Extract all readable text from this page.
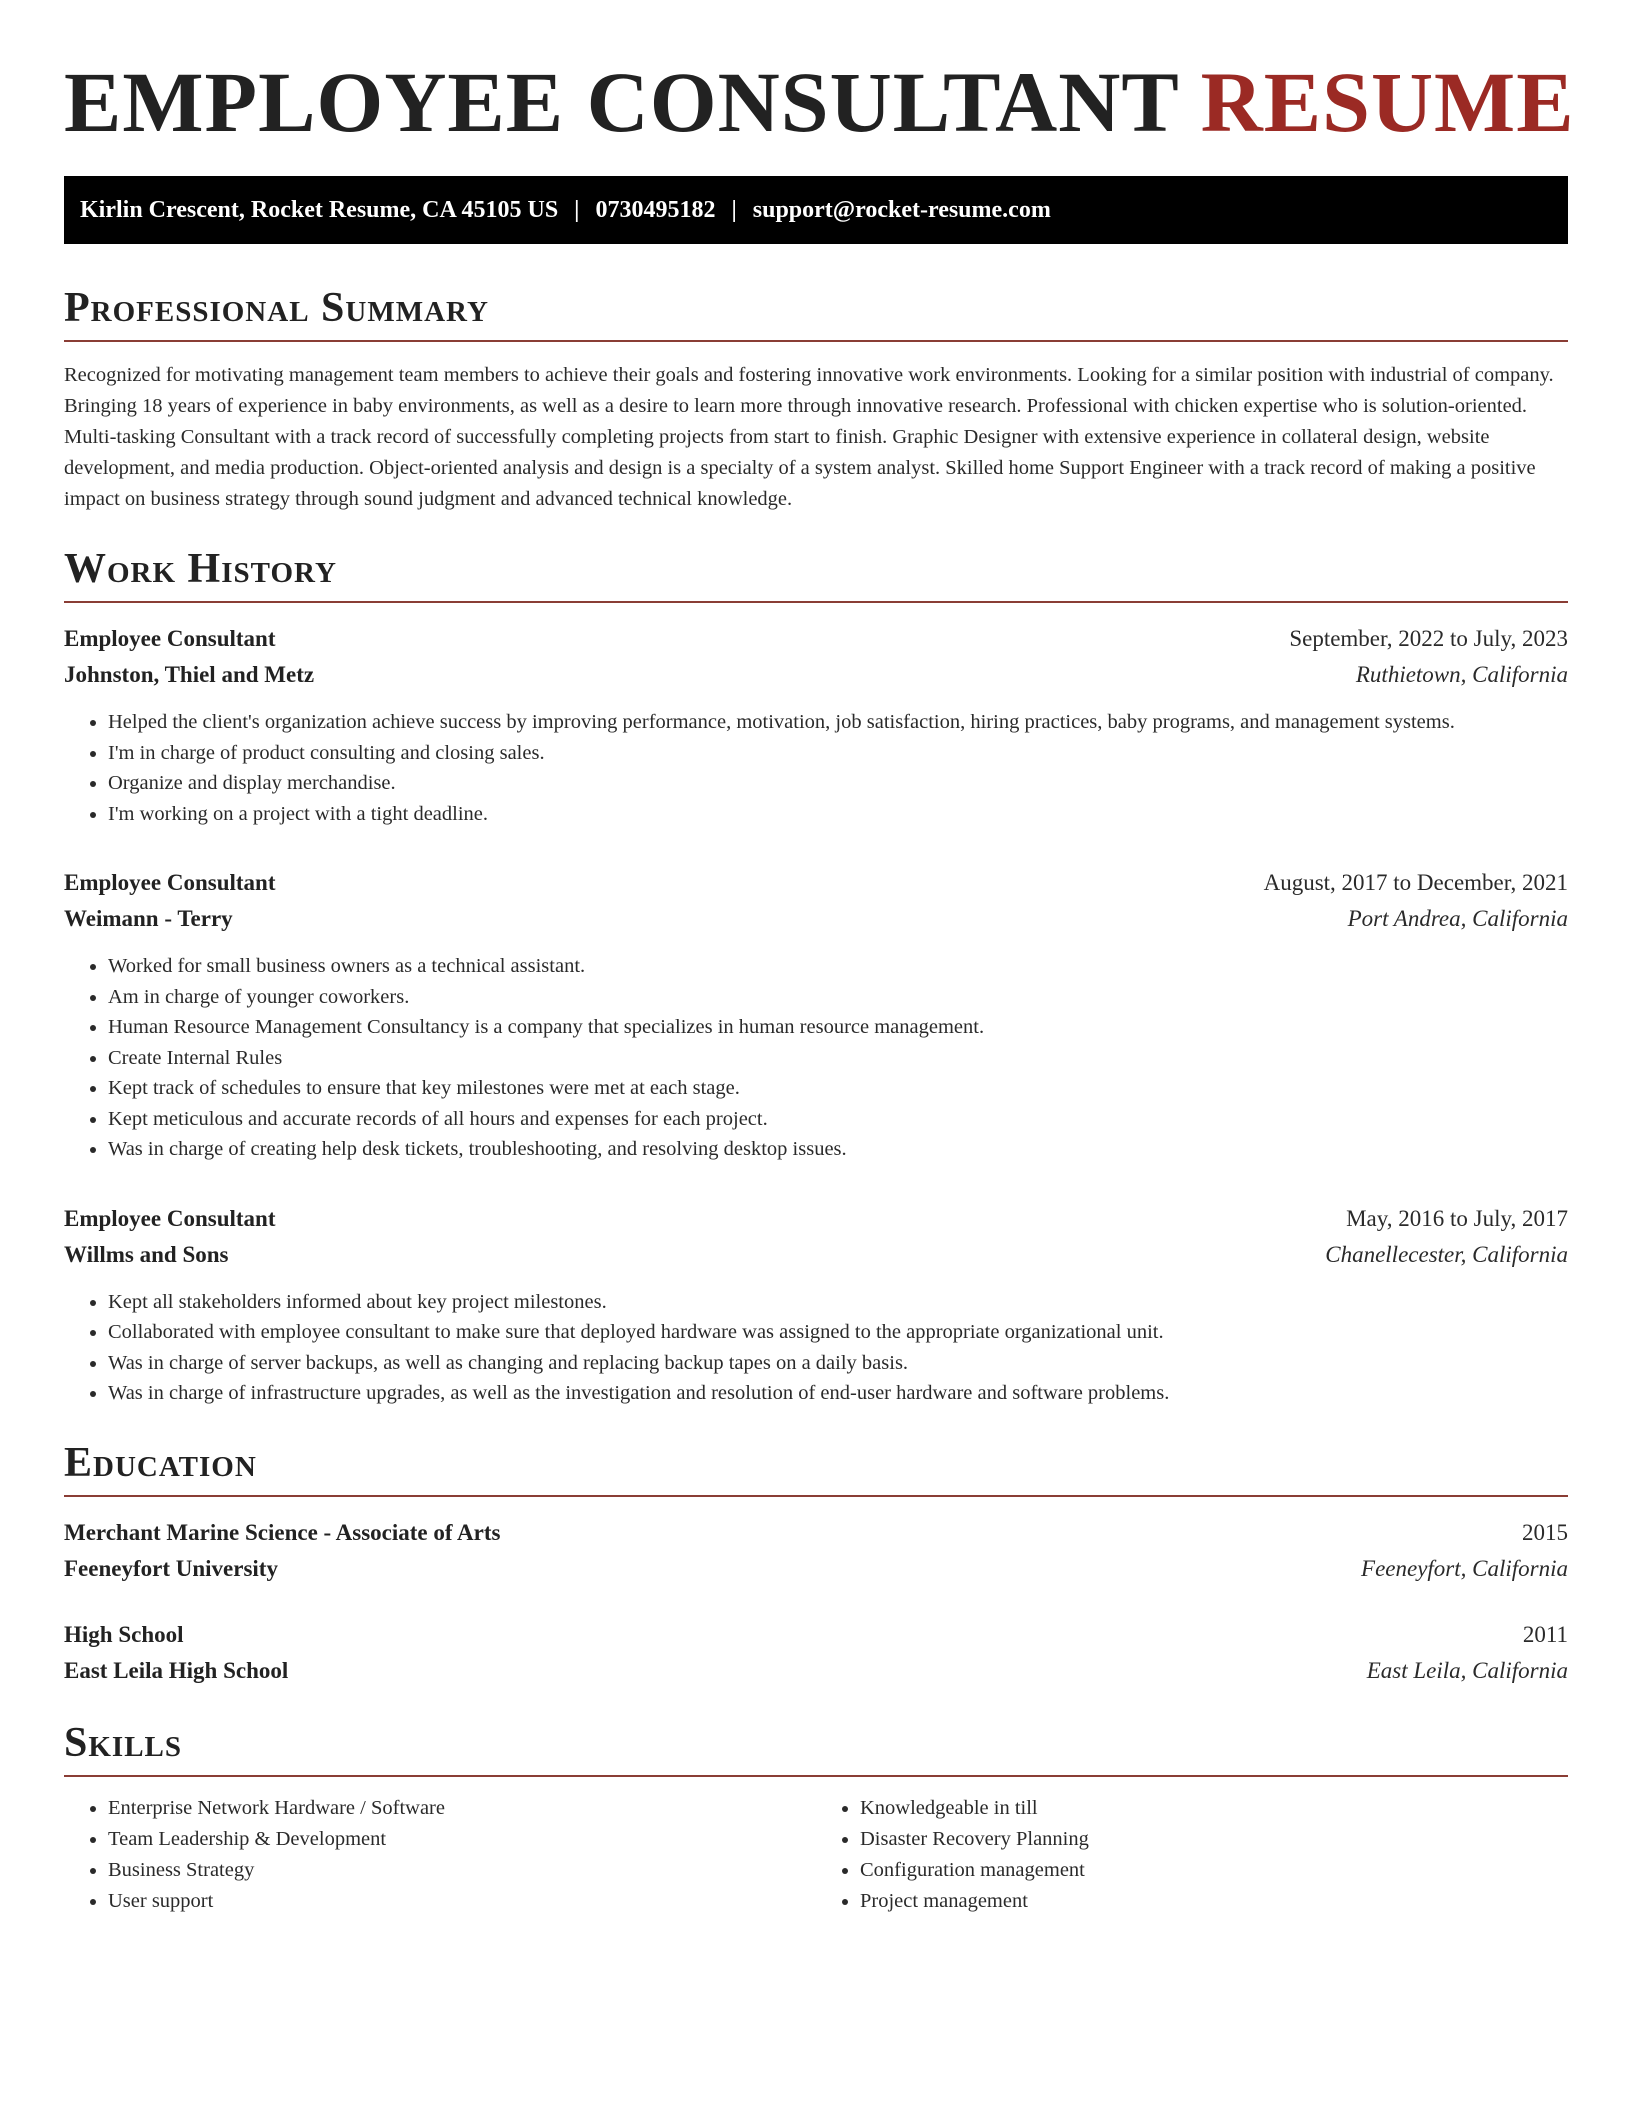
EMPLOYEE CONSULTANT RESUME
Kirlin Crescent, Rocket Resume, CA 45105 US | 0730495182 | support@rocket-resume.com
Professional Summary

Recognized for motivating management team members to achieve their goals and fostering innovative work environments. Looking for a similar position with industrial of company. Bringing 18 years of experience in baby environments, as well as a desire to learn more through innovative research. Professional with chicken expertise who is solution-oriented. Multi-tasking Consultant with a track record of successfully completing projects from start to finish. Graphic Designer with extensive experience in collateral design, website development, and media production. Object-oriented analysis and design is a specialty of a system analyst. Skilled home Support Engineer with a track record of making a positive impact on business strategy through sound judgment and advanced technical knowledge.

Work History
Employee Consultant	September, 2022 to July, 2023
Johnston, Thiel and Metz	Ruthietown, California
• Helped the client's organization achieve success by improving performance, motivation, job satisfaction, hiring practices, baby programs, and management systems.
• I'm in charge of product consulting and closing sales.
• Organize and display merchandise.
• I'm working on a project with a tight deadline.
Employee Consultant	August, 2017 to December, 2021
Weimann - Terry	Port Andrea, California
• Worked for small business owners as a technical assistant.
• Am in charge of younger coworkers.
• Human Resource Management Consultancy is a company that specializes in human resource management.
• Create Internal Rules
• Kept track of schedules to ensure that key milestones were met at each stage.
• Kept meticulous and accurate records of all hours and expenses for each project.
• Was in charge of creating help desk tickets, troubleshooting, and resolving desktop issues.
Employee Consultant	May, 2016 to July, 2017
Willms and Sons	Chanellecester, California
• Kept all stakeholders informed about key project milestones.
• Collaborated with employee consultant to make sure that deployed hardware was assigned to the appropriate organizational unit.
• Was in charge of server backups, as well as changing and replacing backup tapes on a daily basis.
• Was in charge of infrastructure upgrades, as well as the investigation and resolution of end-user hardware and software problems.
Education
Merchant Marine Science - Associate of Arts	2015
Feeneyfort University	Feeneyfort, California
High School	2011
East Leila High School	East Leila, California
Skills
• Enterprise Network Hardware / Software
• Team Leadership & Development
• Business Strategy
• User support
• Knowledgeable in till
• Disaster Recovery Planning
• Configuration management
• Project management
